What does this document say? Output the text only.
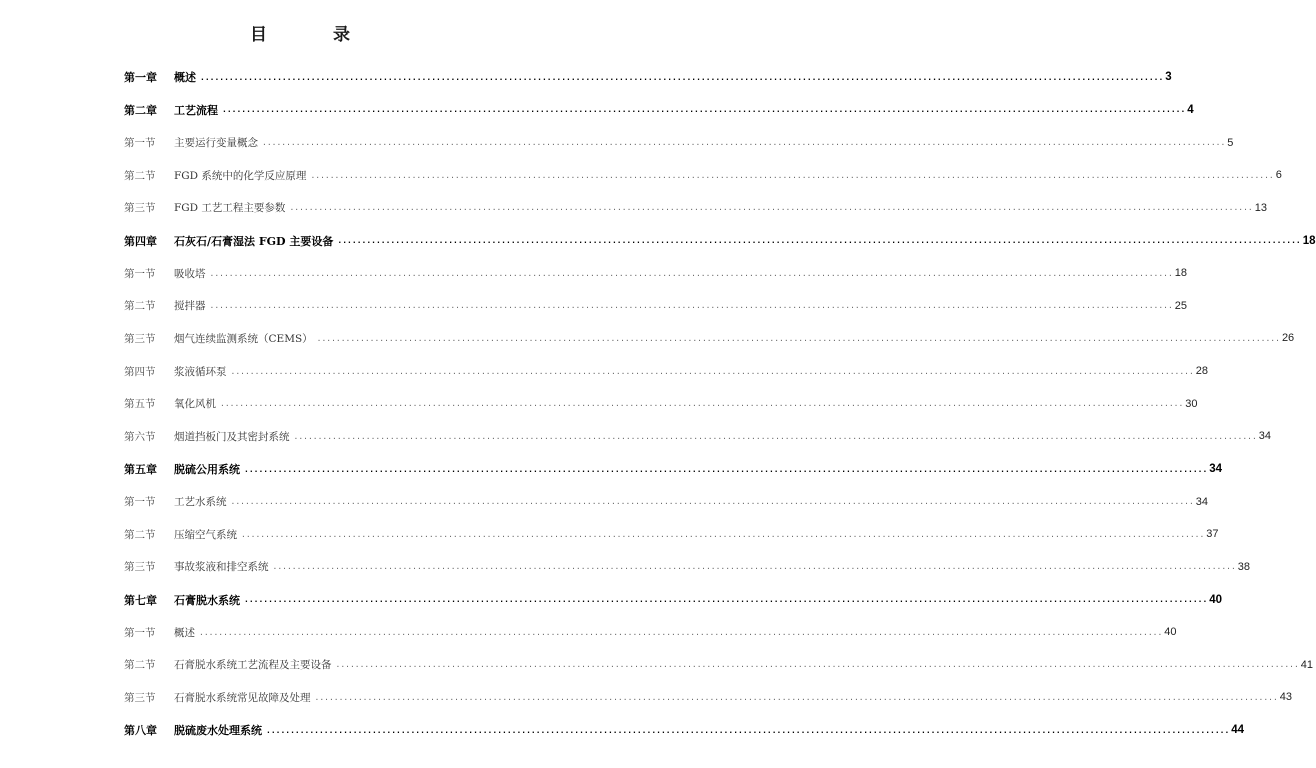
目 录
第一章	概述 ........................................................................................................................................................................................................ 3
第二章	工艺流程 ........................................................................................................................................................................................................ 4
第一节	主要运行变量概念 ........................................................................................................................................................................................................ 5
第二节	FGD 系统中的化学反应原理 ........................................................................................................................................................................................................ 6
第三节	FGD 工艺工程主要参数 ........................................................................................................................................................................................................ 13
第四章	石灰石/石膏湿法 FGD 主要设备 ........................................................................................................................................................................................................ 18
第一节	吸收塔 ........................................................................................................................................................................................................ 18
第二节	搅拌器 ........................................................................................................................................................................................................ 25
第三节	烟气连续监测系统（CEMS） ........................................................................................................................................................................................................ 26
第四节	浆液循环泵 ........................................................................................................................................................................................................ 28
第五节	氧化风机 ........................................................................................................................................................................................................ 30
第六节	烟道挡板门及其密封系统 ........................................................................................................................................................................................................ 34
第五章	脱硫公用系统 ........................................................................................................................................................................................................ 34
第一节	工艺水系统 ........................................................................................................................................................................................................ 34
第二节	压缩空气系统 ........................................................................................................................................................................................................ 37
第三节	事故浆液和排空系统 ........................................................................................................................................................................................................ 38
第七章	石膏脱水系统 ........................................................................................................................................................................................................ 40
第一节	概述 ........................................................................................................................................................................................................ 40
第二节	石膏脱水系统工艺流程及主要设备 ........................................................................................................................................................................................................ 41
第三节	石膏脱水系统常见故障及处理 ........................................................................................................................................................................................................ 43
第八章	脱硫废水处理系统 ........................................................................................................................................................................................................ 44
